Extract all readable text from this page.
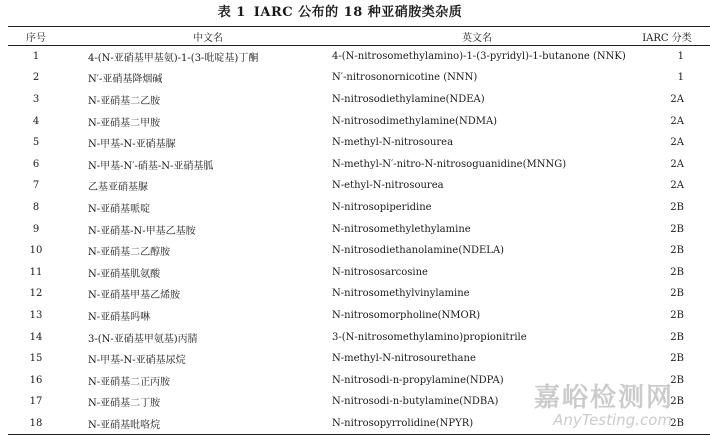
表 1 IARC 公布的 18 种亚硝胺类杂质
序号	中文名	英文名	IARC 分类
1	4-(N-亚硝基甲基氨)-1-(3-吡啶基)丁酮	4-(N-nitrosomethylamino)-1-(3-pyridyl)-1-butanone (NNK)	1
2	N′-亚硝基降烟碱	N′-nitrosonornicotine (NNN)	1
3	N-亚硝基二乙胺	N-nitrosodiethylamine(NDEA)	2A
4	N-亚硝基二甲胺	N-nitrosodimethylamine(NDMA)	2A
5	N-甲基-N-亚硝基脲	N-methyl-N-nitrosourea	2A
6	N-甲基-N′-硝基-N-亚硝基胍	N-methyl-N′-nitro-N-nitrosoguanidine(MNNG)	2A
7	乙基亚硝基脲	N-ethyl-N-nitrosourea	2A
8	N-亚硝基哌啶	N-nitrosopiperidine	2B
9	N-亚硝基-N-甲基乙基胺	N-nitrosomethylethylamine	2B
10	N-亚硝基二乙醇胺	N-nitrosodiethanolamine(NDELA)	2B
11	N-亚硝基肌氨酸	N-nitrososarcosine	2B
12	N-亚硝基甲基乙烯胺	N-nitrosomethylvinylamine	2B
13	N-亚硝基吗啉	N-nitrosomorpholine(NMOR)	2B
14	3-(N-亚硝基甲氨基)丙腈	3-(N-nitrosomethylamino)propionitrile	2B
15	N-甲基-N-亚硝基尿烷	N-methyl-N-nitrosourethane	2B
16	N-亚硝基二正丙胺	N-nitrosodi-n-propylamine(NDPA)	2B
17	N-亚硝基二丁胺	N-nitrosodi-n-butylamine(NDBA)	2B
18	N-亚硝基吡咯烷	N-nitrosopyrrolidine(NPYR)	2B
嘉峪检测网
AnyTesting.com
